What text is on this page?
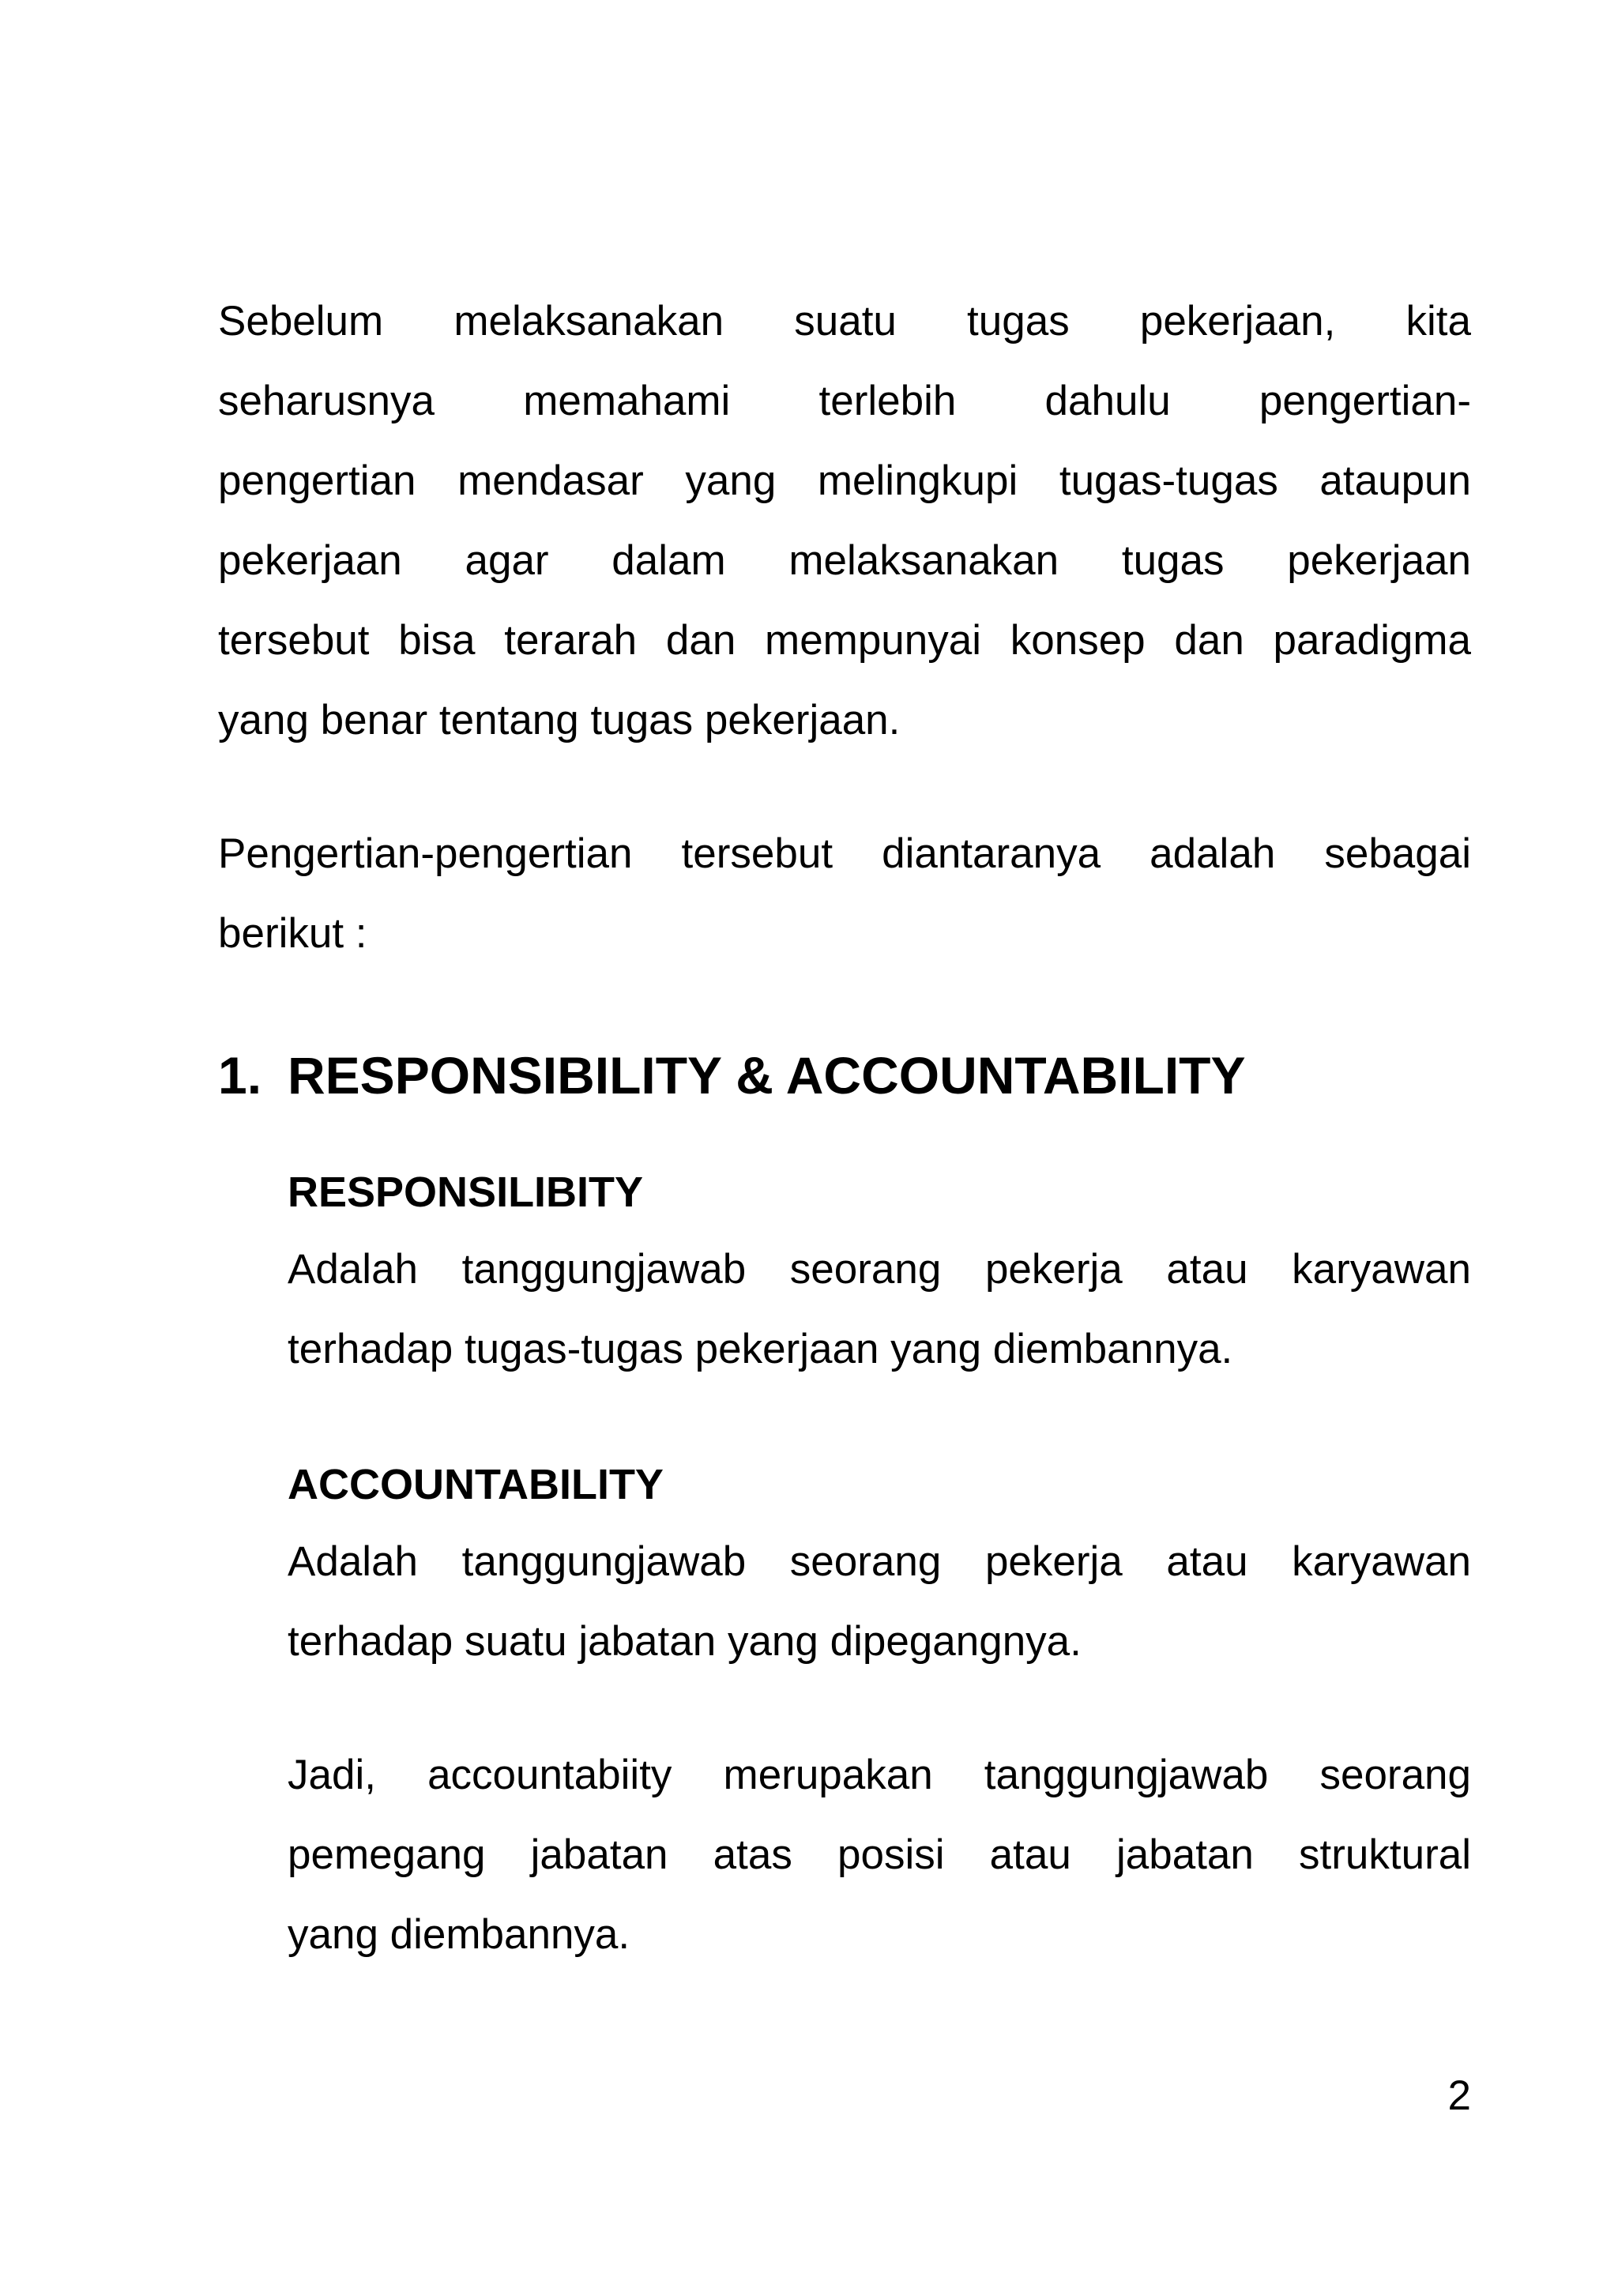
Sebelum melaksanakan suatu tugas pekerjaan, kita
seharusnya memahami terlebih dahulu pengertian-
pengertian mendasar yang melingkupi tugas-tugas ataupun
pekerjaan agar dalam melaksanakan tugas pekerjaan
tersebut bisa terarah dan mempunyai konsep dan paradigma
yang benar tentang tugas pekerjaan.
Pengertian-pengertian tersebut diantaranya adalah sebagai
berikut :
1. RESPONSIBILITY & ACCOUNTABILITY
RESPONSILIBITY
Adalah tanggungjawab seorang pekerja atau karyawan
terhadap tugas-tugas pekerjaan yang diembannya.
ACCOUNTABILITY
Adalah tanggungjawab seorang pekerja atau karyawan
terhadap suatu jabatan yang dipegangnya.
Jadi, accountabiity merupakan tanggungjawab seorang
pemegang jabatan atas posisi atau jabatan struktural
yang diembannya.
2
